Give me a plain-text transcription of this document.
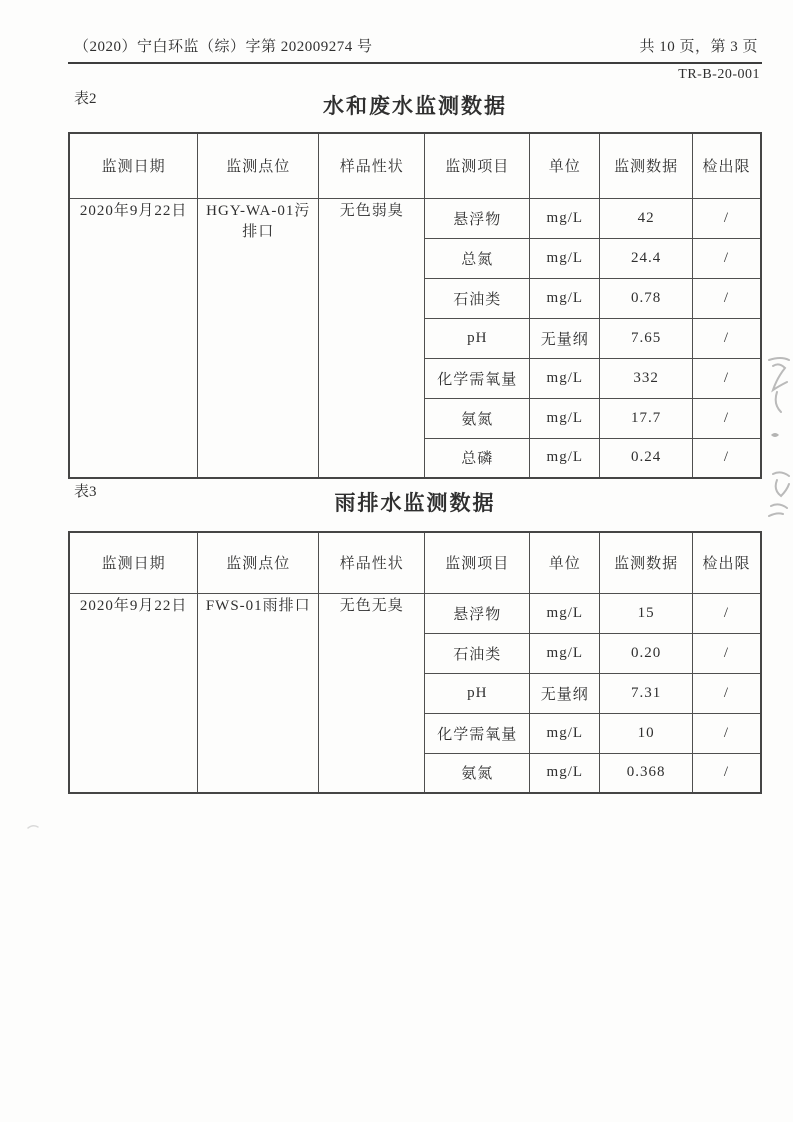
（2020）宁白环监（综）字第 202009274 号	共 10 页，第 3 页
TR-B-20-001
表2	水和废水监测数据
监测日期	监测点位	样品性状	监测项目	单位	监测数据	检出限
2020年9月22日	HGY-WA-01污排口	无色弱臭	悬浮物	mg/L	42	/
			总氮	mg/L	24.4	/
			石油类	mg/L	0.78	/
			pH	无量纲	7.65	/
			化学需氧量	mg/L	332	/
			氨氮	mg/L	17.7	/
			总磷	mg/L	0.24	/
表3	雨排水监测数据
监测日期	监测点位	样品性状	监测项目	单位	监测数据	检出限
2020年9月22日	FWS-01雨排口	无色无臭	悬浮物	mg/L	15	/
			石油类	mg/L	0.20	/
			pH	无量纲	7.31	/
			化学需氧量	mg/L	10	/
			氨氮	mg/L	0.368	/
